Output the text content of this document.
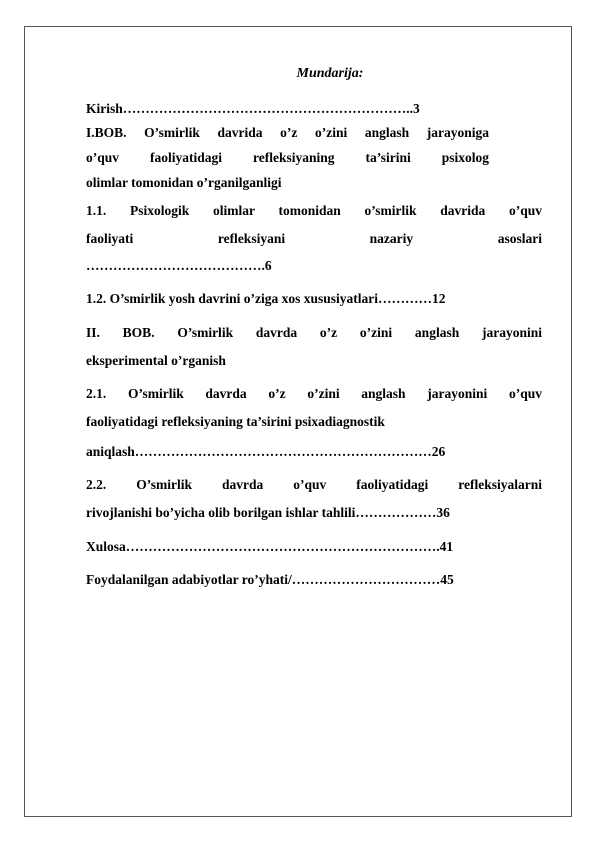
Mundarija:
Kirish………………………………………………………..3
I.BOB. O’smirlik davrida o’z o’zini anglash jarayoniga
o’quv faoliyatidagi refleksiyaning ta’sirini psixolog
olimlar tomonidan o’rganilganligi
1.1. Psixologik olimlar tomonidan o’smirlik davrida o’quv
faoliyati refleksiyani nazariy asoslari
………………………………….6
1.2. O’smirlik yosh davrini o’ziga xos xususiyatlari…………12
II. BOB. O’smirlik davrda o’z o’zini anglash jarayonini
eksperimental o’rganish
2.1. O’smirlik davrda o’z o’zini anglash jarayonini o’quv
faoliyatidagi refleksiyaning ta’sirini psixadiagnostik
aniqlash…………………………………………………………26
2.2. O’smirlik davrda o’quv faoliyatidagi refleksiyalarni
rivojlanishi bo’yicha olib borilgan ishlar tahlili………………36
Xulosa…………………………………………………………….41
Foydalanilgan adabiyotlar ro’yhati/……………………………45
